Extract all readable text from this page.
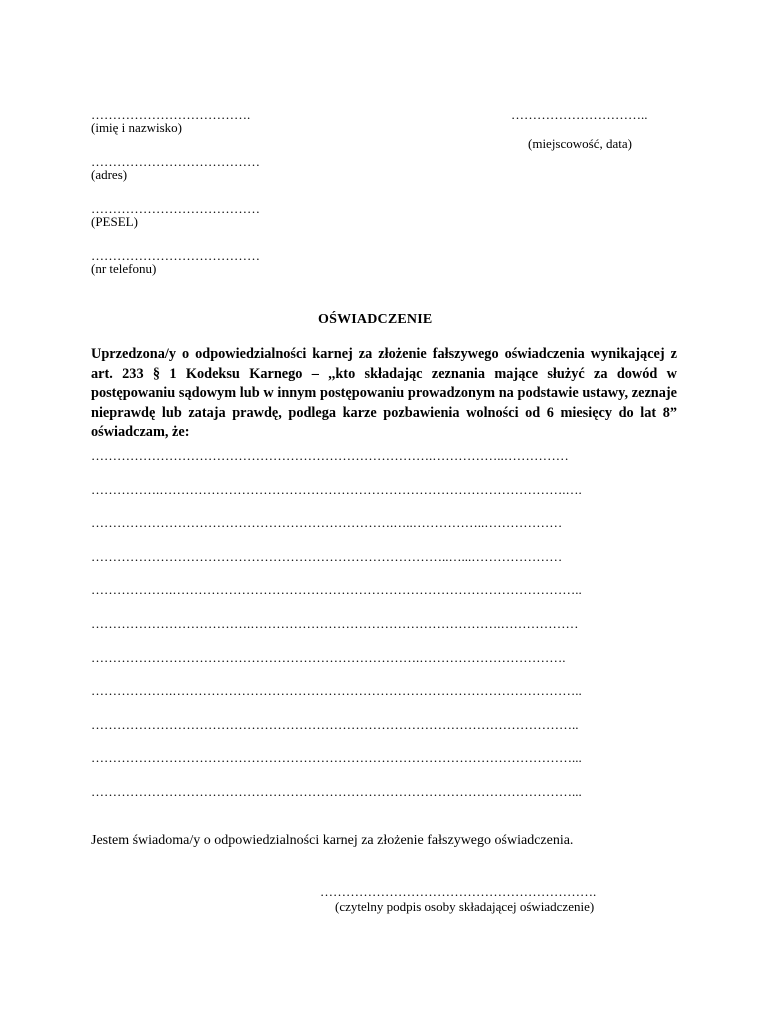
……………………………….
(imię i nazwisko)
…………………………..
(miejscowość, data)
…………………………………
(adres)
…………………………………
(PESEL)
…………………………………
(nr telefonu)
OŚWIADCZENIE
Uprzedzona/y o odpowiedzialności karnej za złożenie fałszywego oświadczenia wynikającej z art. 233 § 1 Kodeksu Karnego – ,,kto składając zeznania mające służyć za dowód w postępowaniu sądowym lub w innym postępowaniu prowadzonym na podstawie ustawy, zeznaje nieprawdę lub zataja prawdę, podlega karze pozbawienia wolności od 6 miesięcy do lat 8” oświadczam, że:
…………………………………………………………………….……………..……………
…………….………………………………………………………………………………….….
…………………………………………………………….…..……………..………………
………………………………………………………………………..…...…………………
……………….…………………………………………………………………………………..
……………………………….………………………………………………….………………
………………………………………………………………….…………………………….
……………….…………………………………………………………………………………..
…………………………………………………………………………………………………..
…………………………………………………………………………………………………...
…………………………………………………………………………………………………...
Jestem świadoma/y o odpowiedzialności karnej za złożenie fałszywego oświadczenia.
……………………………………………………….
(czytelny podpis osoby składającej oświadczenie)
